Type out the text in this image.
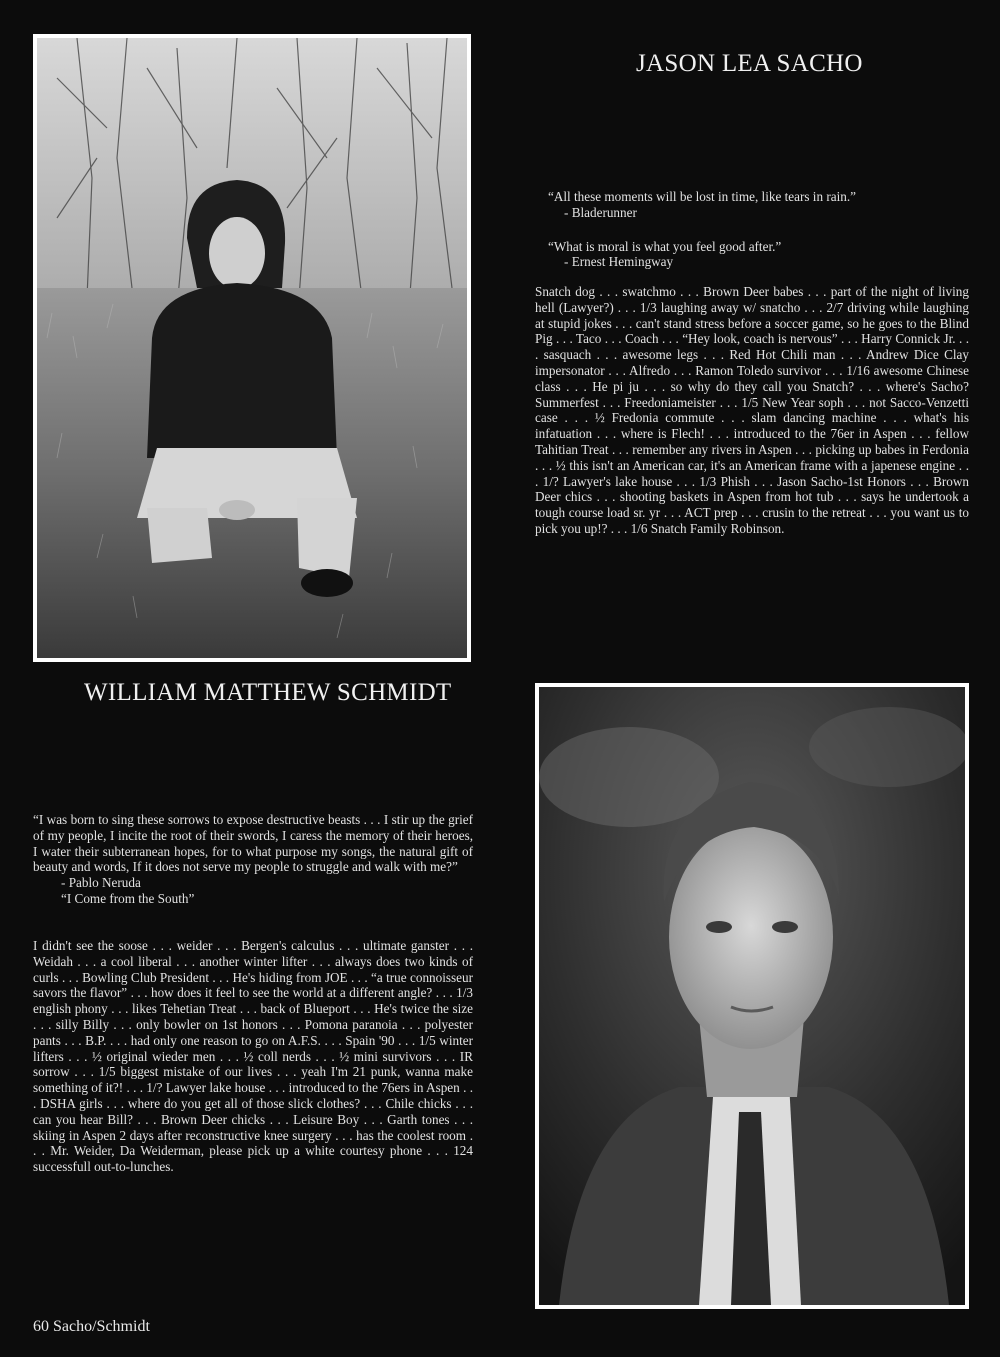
JASON LEA SACHO

“All these moments will be lost in time, like tears in rain.”

- Bladerunner

“What is moral is what you feel good after.”

- Ernest Hemingway

Snatch dog . . . swatchmo . . . Brown Deer babes . . . part of the night of living hell (Lawyer?) . . . 1/3 laughing away w/ snatcho . . . 2/7 driving while laughing at stupid jokes . . . can't stand stress before a soccer game, so he goes to the Blind Pig . . . Taco . . . Coach . . . “Hey look, coach is nervous” . . . Harry Connick Jr. . . . sasquach . . . awesome legs . . . Red Hot Chili man . . . Andrew Dice Clay impersonator . . . Alfredo . . . Ramon Toledo survivor . . . 1/16 awesome Chinese class . . . He pi ju . . . so why do they call you Snatch? . . . where's Sacho? Summerfest . . . Freedoniameister . . . 1/5 New Year soph . . . not Sacco-Venzetti case . . . ½ Fredonia commute . . . slam dancing machine . . . what's his infatuation . . . where is Flech! . . . introduced to the 76er in Aspen . . . fellow Tahitian Treat . . . remember any rivers in Aspen . . . picking up babes in Ferdonia . . . ½ this isn't an American car, it's an American frame with a japenese engine . . . 1/? Lawyer's lake house . . . 1/3 Phish . . . Jason Sacho-1st Honors . . . Brown Deer chics . . . shooting baskets in Aspen from hot tub . . . says he undertook a tough course load sr. yr . . . ACT prep . . . crusin to the retreat . . . you want us to pick you up!? . . . 1/6 Snatch Family Robinson.

WILLIAM MATTHEW SCHMIDT

“I was born to sing these sorrows to expose destructive beasts . . . I stir up the grief of my people, I incite the root of their swords, I caress the memory of their heroes, I water their subterranean hopes, for to what purpose my songs, the natural gift of beauty and words, If it does not serve my people to struggle and walk with me?”

- Pablo Neruda

“I Come from the South”

I didn't see the soose . . . weider . . . Bergen's calculus . . . ultimate ganster . . . Weidah . . . a cool liberal . . . another winter lifter . . . always does two kinds of curls . . . Bowling Club President . . . He's hiding from JOE . . . “a true connoisseur savors the flavor” . . . how does it feel to see the world at a different angle? . . . 1/3 english phony . . . likes Tehetian Treat . . . back of Blueport . . . He's twice the size . . . silly Billy . . . only bowler on 1st honors . . . Pomona paranoia . . . polyester pants . . . B.P. . . . had only one reason to go on A.F.S. . . . Spain '90 . . . 1/5 winter lifters . . . ½ original wieder men . . . ½ coll nerds . . . ½ mini survivors . . . IR sorrow . . . 1/5 biggest mistake of our lives . . . yeah I'm 21 punk, wanna make something of it?! . . . 1/? Lawyer lake house . . . introduced to the 76ers in Aspen . . . DSHA girls . . . where do you get all of those slick clothes? . . . Chile chicks . . . can you hear Bill? . . . Brown Deer chicks . . . Leisure Boy . . . Garth tones . . . skiing in Aspen 2 days after reconstructive knee surgery . . . has the coolest room . . . Mr. Weider, Da Weiderman, please pick up a white courtesy phone . . . 124 successfull out-to-lunches.

60 Sacho/Schmidt
